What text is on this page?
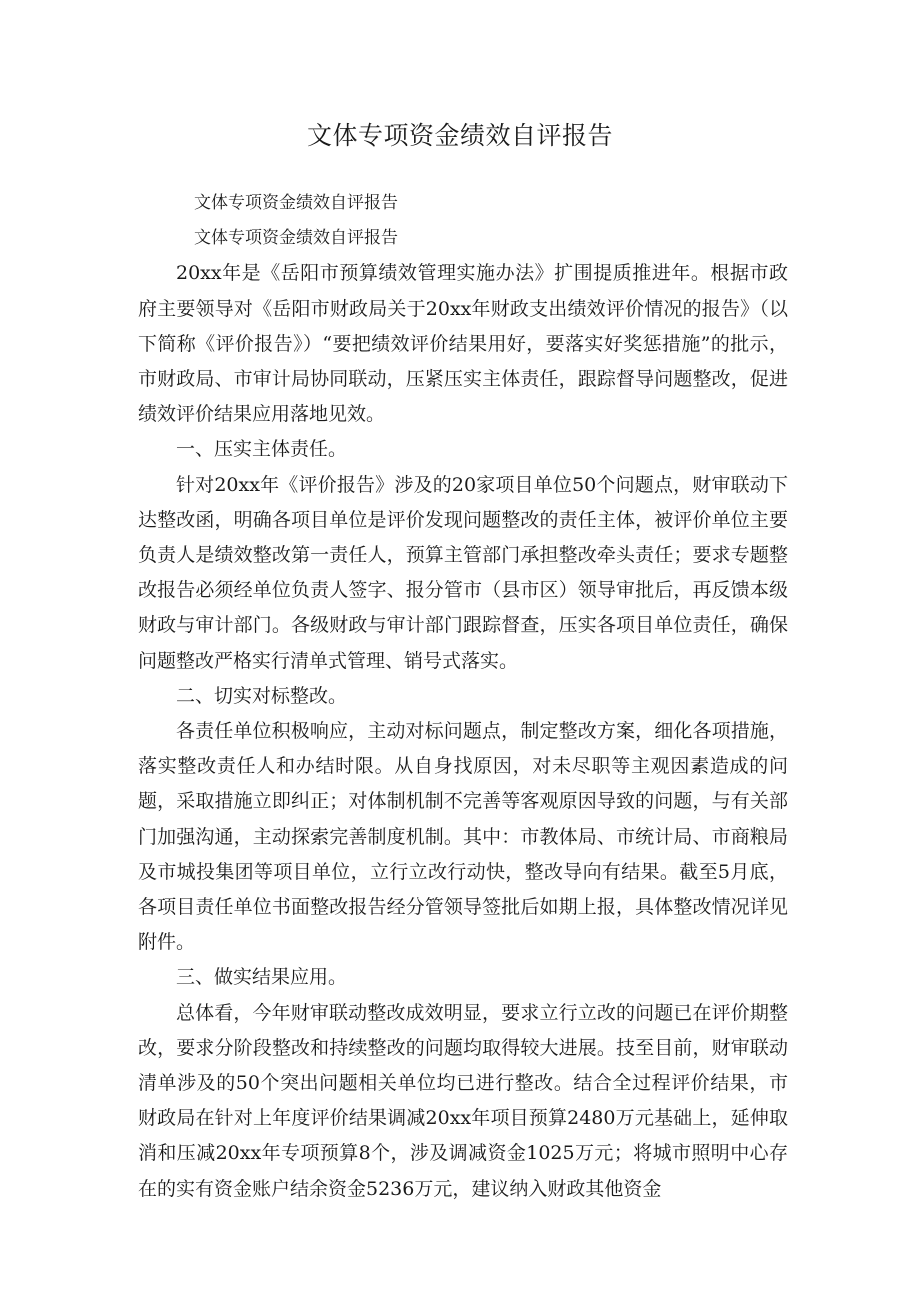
文体专项资金绩效自评报告

文体专项资金绩效自评报告

文体专项资金绩效自评报告

20xx年是《岳阳市预算绩效管理实施办法》扩围提质推进年。根据市政府主要领导对《岳阳市财政局关于20xx年财政支出绩效评价情况的报告》（以下简称《评价报告》）“要把绩效评价结果用好，要落实好奖惩措施”的批示，市财政局、市审计局协同联动，压紧压实主体责任，跟踪督导问题整改，促进绩效评价结果应用落地见效。

一、压实主体责任。

针对20xx年《评价报告》涉及的20家项目单位50个问题点，财审联动下达整改函，明确各项目单位是评价发现问题整改的责任主体，被评价单位主要负责人是绩效整改第一责任人，预算主管部门承担整改牵头责任；要求专题整改报告必须经单位负责人签字、报分管市（县市区）领导审批后，再反馈本级财政与审计部门。各级财政与审计部门跟踪督查，压实各项目单位责任，确保问题整改严格实行清单式管理、销号式落实。

二、切实对标整改。

各责任单位积极响应，主动对标问题点，制定整改方案，细化各项措施，落实整改责任人和办结时限。从自身找原因，对未尽职等主观因素造成的问题，采取措施立即纠正；对体制机制不完善等客观原因导致的问题，与有关部门加强沟通，主动探索完善制度机制。其中：市教体局、市统计局、市商粮局及市城投集团等项目单位，立行立改行动快，整改导向有结果。截至5月底，各项目责任单位书面整改报告经分管领导签批后如期上报，具体整改情况详见附件。

三、做实结果应用。

总体看，今年财审联动整改成效明显，要求立行立改的问题已在评价期整改，要求分阶段整改和持续整改的问题均取得较大进展。技至目前，财审联动清单涉及的50个突出问题相关单位均已进行整改。结合全过程评价结果，市财政局在针对上年度评价结果调减20xx年项目预算2480万元基础上，延伸取消和压减20xx年专项预算8个，涉及调减资金1025万元；将城市照明中心存在的实有资金账户结余资金5236万元，建议纳入财政其他资金
